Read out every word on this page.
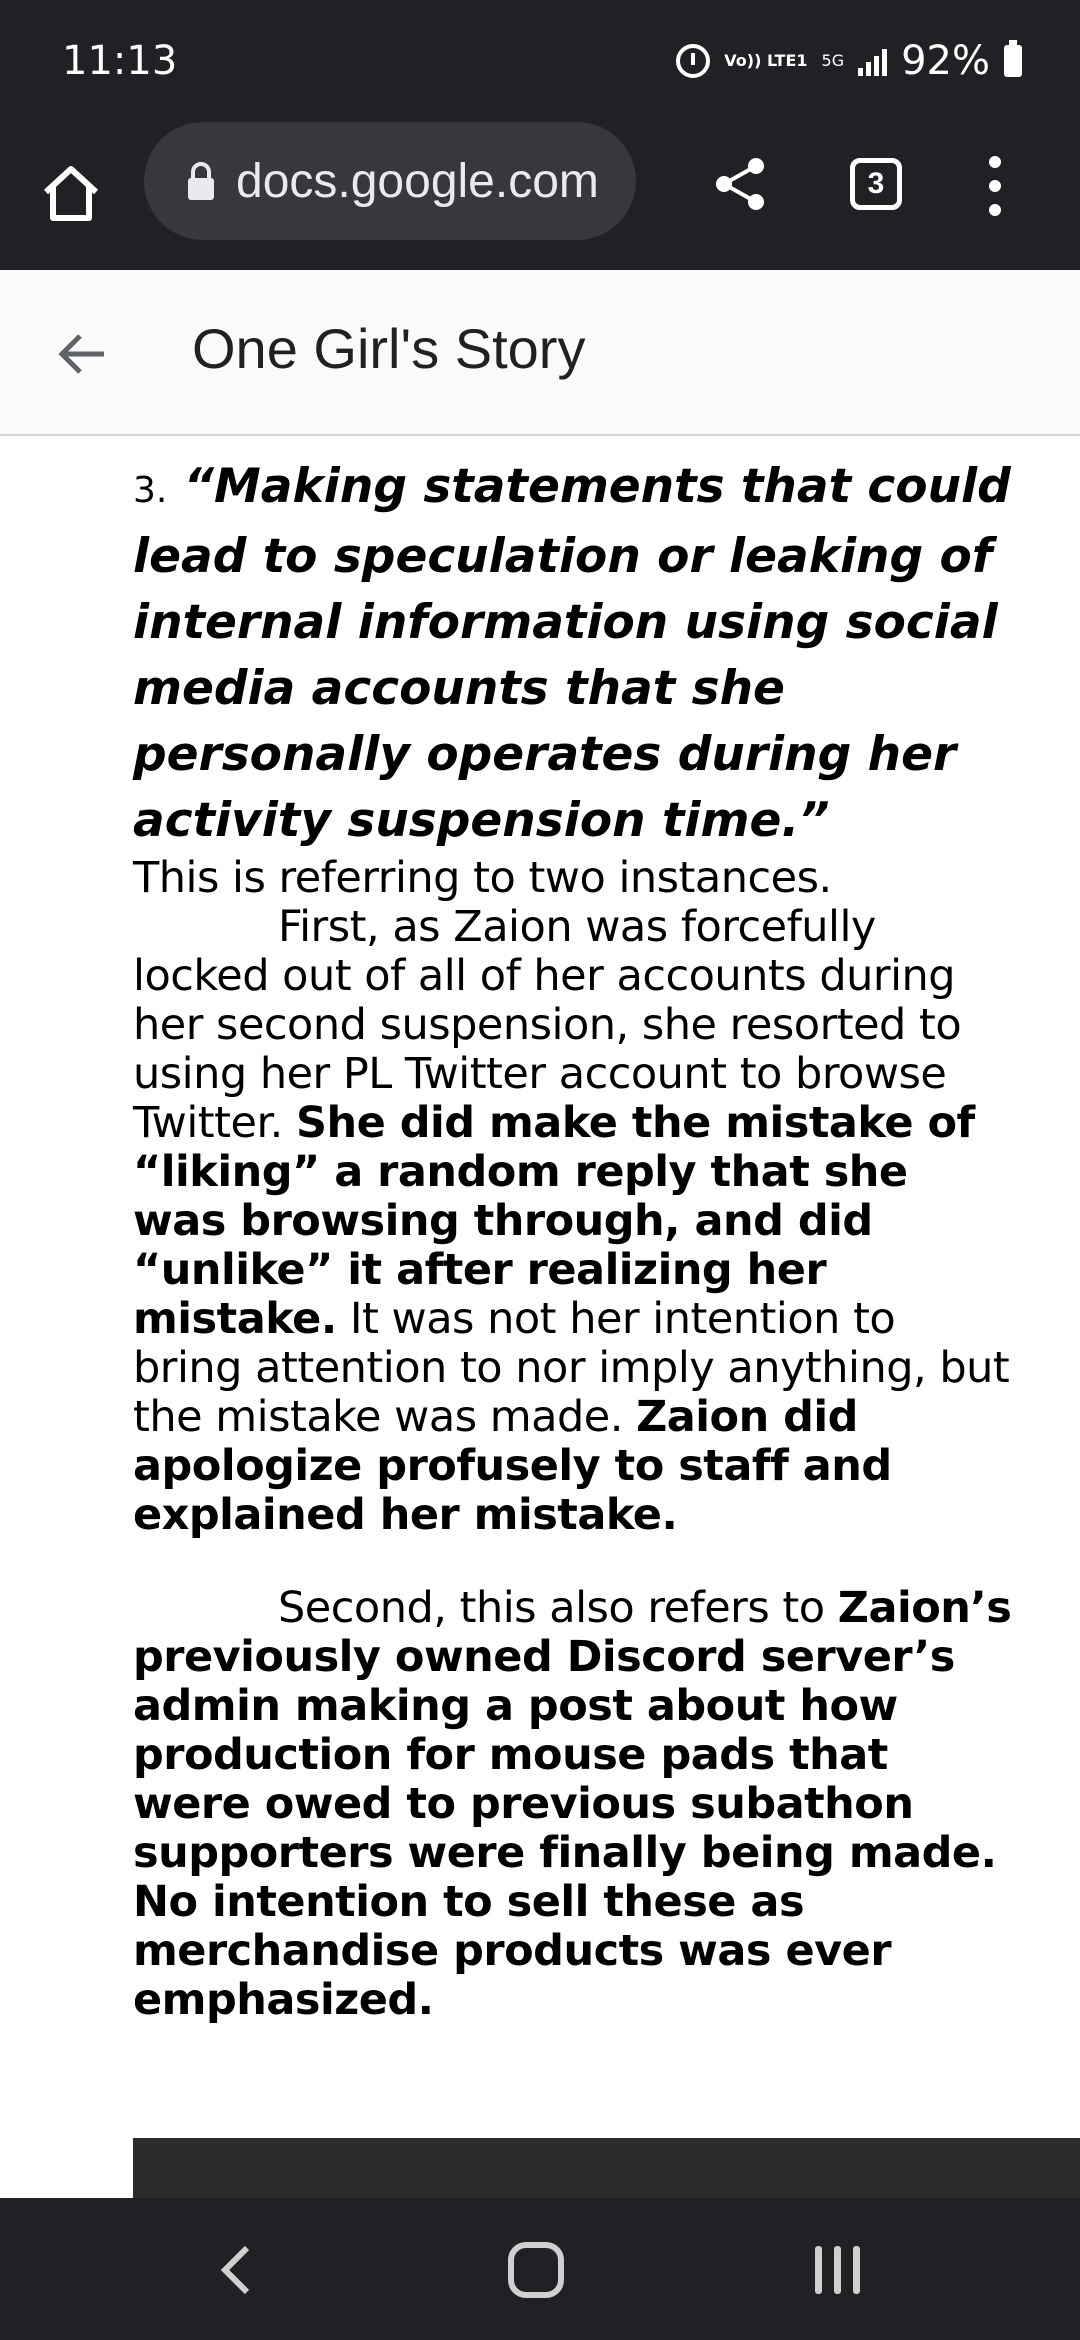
11:13	Vo)) LTE1 5G 92%
docs.google.com	3
One Girl's Story
3. “Making statements that could lead to speculation or leaking of internal information using social media accounts that she personally operates during her activity suspension time.”
This is referring to two instances.
First, as Zaion was forcefully locked out of all of her accounts during her second suspension, she resorted to using her PL Twitter account to browse Twitter. She did make the mistake of “liking” a random reply that she was browsing through, and did “unlike” it after realizing her mistake. It was not her intention to bring attention to nor imply anything, but the mistake was made. Zaion did apologize profusely to staff and explained her mistake.
Second, this also refers to Zaion’s previously owned Discord server’s admin making a post about how production for mouse pads that were owed to previous subathon supporters were finally being made. No intention to sell these as merchandise products was ever emphasized.
